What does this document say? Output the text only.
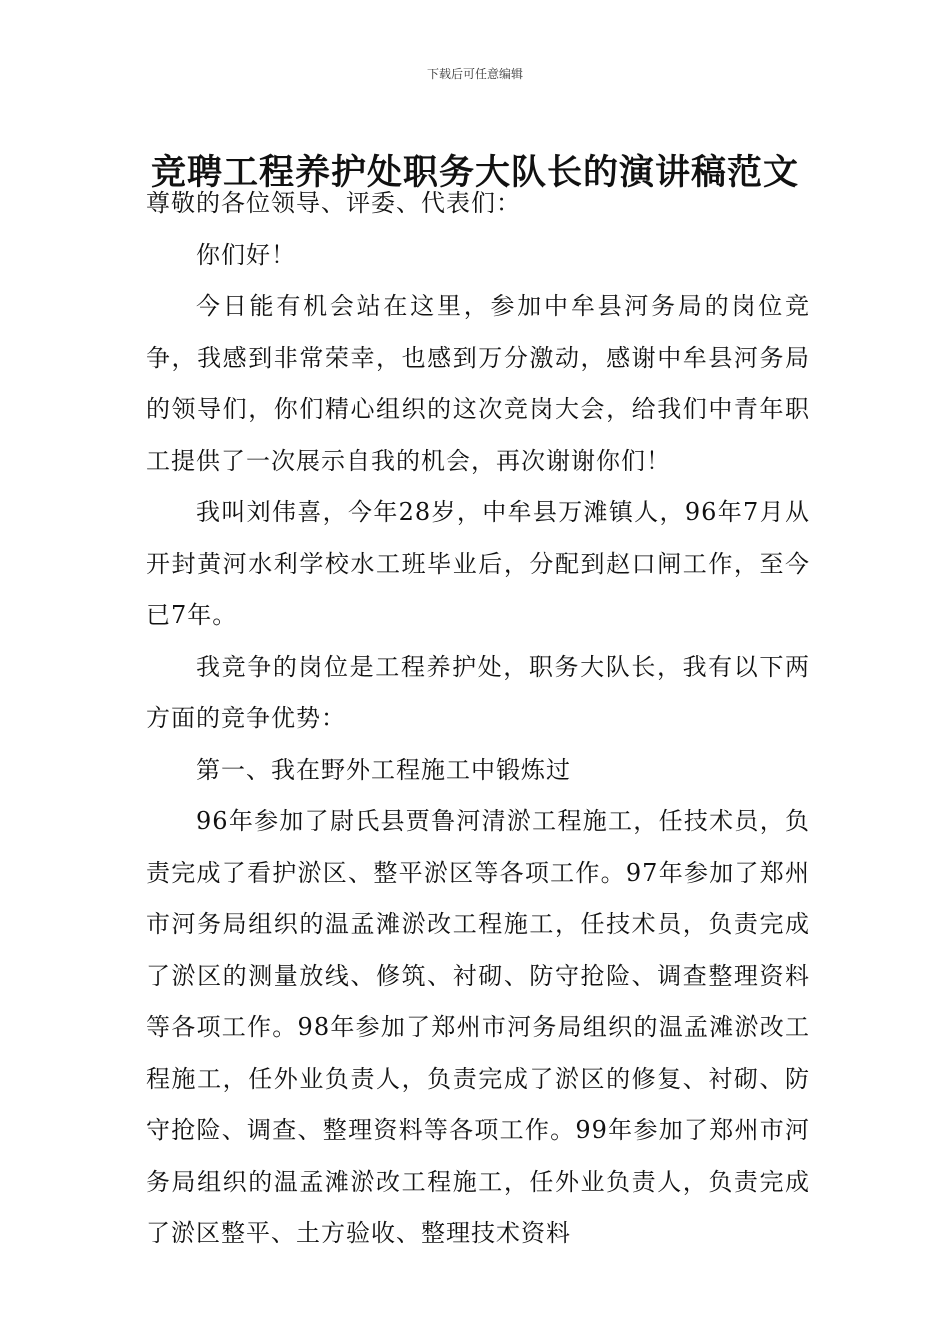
下载后可任意编辑
竞聘工程养护处职务大队长的演讲稿范文

尊敬的各位领导、评委、代表们：

你们好！

今日能有机会站在这里，参加中牟县河务局的岗位竞争，我感到非常荣幸，也感到万分激动，感谢中牟县河务局的领导们，你们精心组织的这次竞岗大会，给我们中青年职工提供了一次展示自我的机会，再次谢谢你们！

我叫刘伟喜，今年28岁，中牟县万滩镇人，96年7月从开封黄河水利学校水工班毕业后，分配到赵口闸工作，至今已7年。

我竞争的岗位是工程养护处，职务大队长，我有以下两方面的竞争优势：

第一、我在野外工程施工中锻炼过

96年参加了尉氏县贾鲁河清淤工程施工，任技术员，负责完成了看护淤区、整平淤区等各项工作。97年参加了郑州市河务局组织的温孟滩淤改工程施工，任技术员，负责完成了淤区的测量放线、修筑、衬砌、防守抢险、调查整理资料等各项工作。98年参加了郑州市河务局组织的温孟滩淤改工程施工，任外业负责人，负责完成了淤区的修复、衬砌、防守抢险、调查、整理资料等各项工作。99年参加了郑州市河务局组织的温孟滩淤改工程施工，任外业负责人，负责完成了淤区整平、土方验收、整理技术资料
